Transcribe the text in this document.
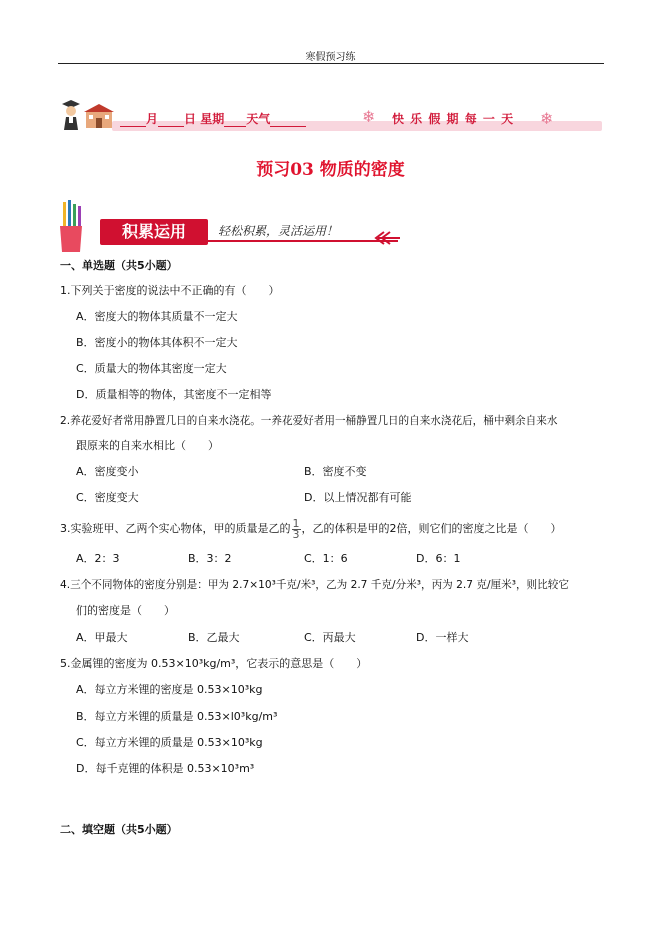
寒假预习练
月 日 星期 天气	❄ 快 乐 假 期 每 一 天 ❄
预习03 物质的密度
积累运用	轻松积累，灵活运用！
一、单选题（共5小题）
1.下列关于密度的说法中不正确的有（　　）
A．密度大的物体其质量不一定大
B．密度小的物体其体积不一定大
C．质量大的物体其密度一定大
D．质量相等的物体，其密度不一定相等
2.养花爱好者常用静置几日的自来水浇花。一养花爱好者用一桶静置几日的自来水浇花后，桶中剩余自来水
跟原来的自来水相比（　　）
A．密度变小	B．密度不变
C．密度变大	D．以上情况都有可能
3.实验班甲、乙两个实心物体，甲的质量是乙的 $\frac{1}{3}$ ，乙的体积是甲的2倍，则它们的密度之比是（　　）
A．2：3	B．3：2	C．1：6	D．6：1
4.三个不同物体的密度分别是：甲为 2.7×10³千克/米³，乙为 2.7 千克/分米³，丙为 2.7 克/厘米³，则比较它
们的密度是（　　）
A．甲最大	B．乙最大	C．丙最大	D．一样大
5.金属锂的密度为 0.53×10³kg/m³，它表示的意思是（　　）
A．每立方米锂的密度是 0.53×10³kg
B．每立方米锂的质量是 0.53×l0³kg/m³
C．每立方米锂的质量是 0.53×10³kg
D．每千克锂的体积是 0.53×10³m³
二、填空题（共5小题）
